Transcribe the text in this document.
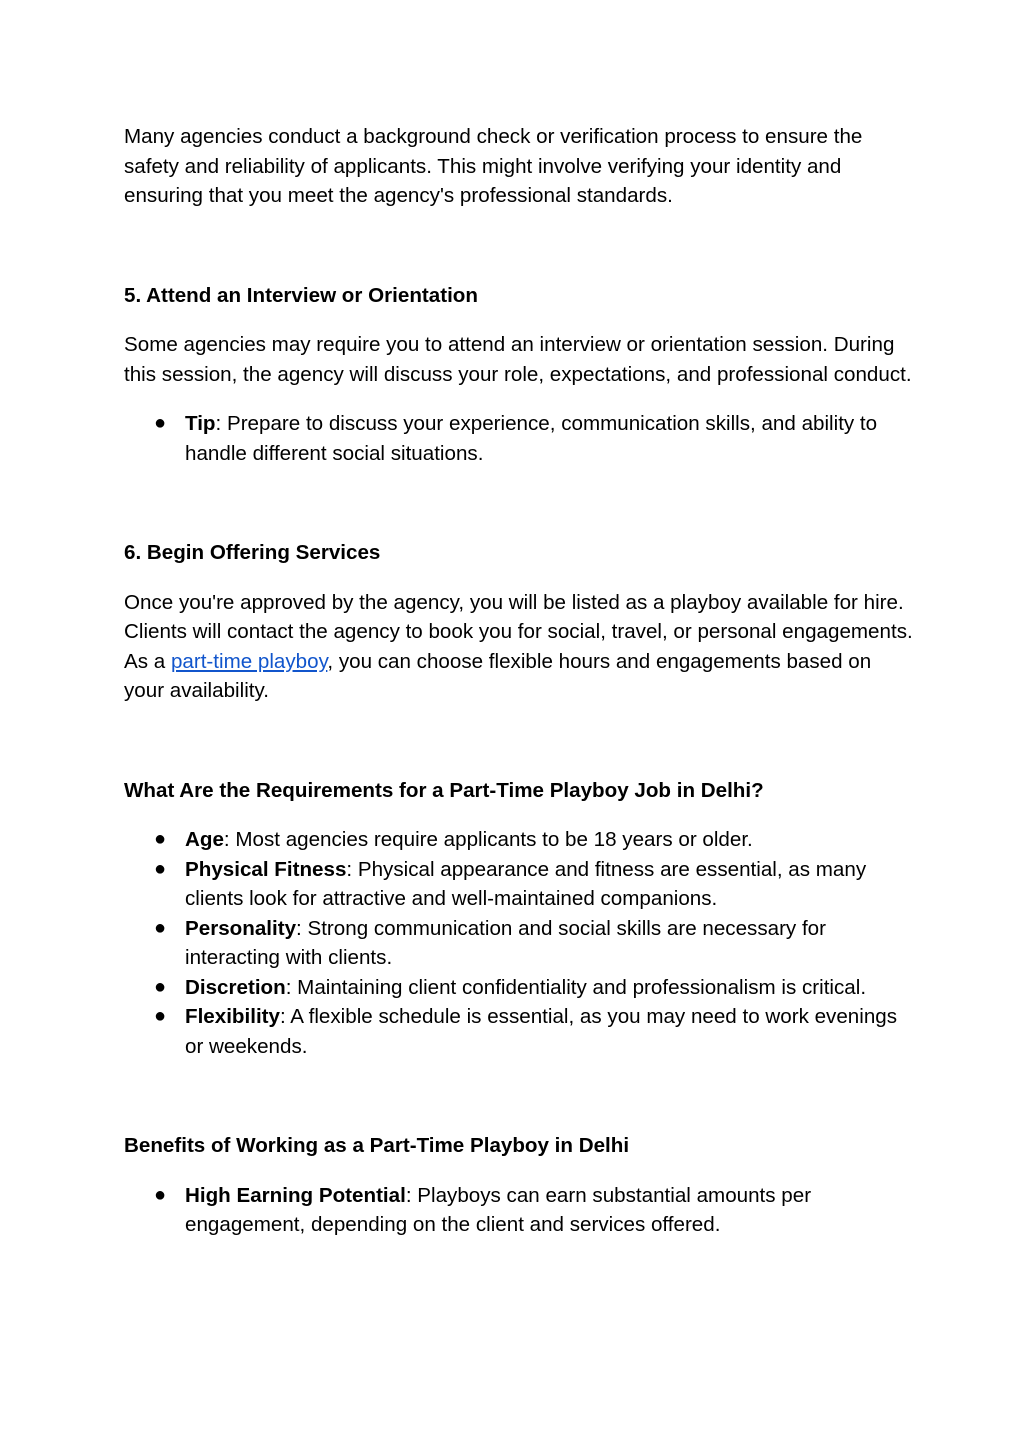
Many agencies conduct a background check or verification process to ensure the safety and reliability of applicants. This might involve verifying your identity and ensuring that you meet the agency's professional standards.

5. Attend an Interview or Orientation

Some agencies may require you to attend an interview or orientation session. During this session, the agency will discuss your role, expectations, and professional conduct.

● Tip: Prepare to discuss your experience, communication skills, and ability to handle different social situations.
6. Begin Offering Services

Once you're approved by the agency, you will be listed as a playboy available for hire. Clients will contact the agency to book you for social, travel, or personal engagements. As a part-time playboy, you can choose flexible hours and engagements based on your availability.

What Are the Requirements for a Part-Time Playboy Job in Delhi?
● Age: Most agencies require applicants to be 18 years or older.
● Physical Fitness: Physical appearance and fitness are essential, as many clients look for attractive and well-maintained companions.
● Personality: Strong communication and social skills are necessary for interacting with clients.
● Discretion: Maintaining client confidentiality and professionalism is critical.
● Flexibility: A flexible schedule is essential, as you may need to work evenings or weekends.
Benefits of Working as a Part-Time Playboy in Delhi
● High Earning Potential: Playboys can earn substantial amounts per engagement, depending on the client and services offered.
